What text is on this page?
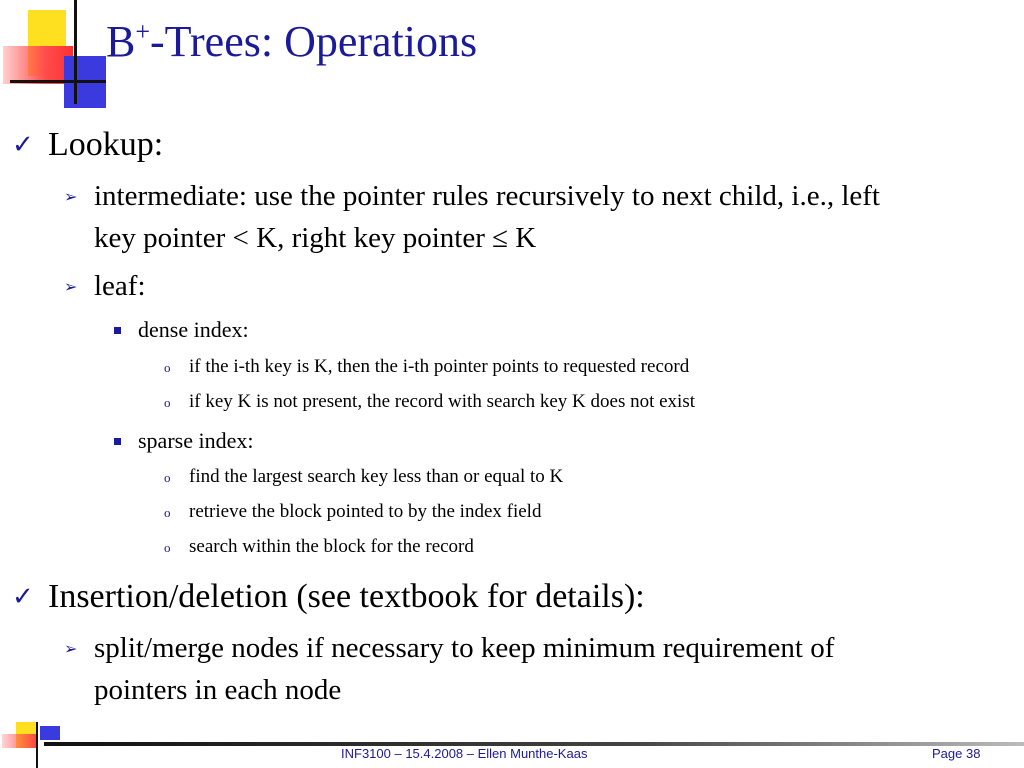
B+-Trees: Operations
✓ Lookup:
➢ intermediate: use the pointer rules recursively to next child, i.e., left
key pointer < K, right key pointer ≤ K
➢ leaf:
dense index:
o if the i-th key is K, then the i-th pointer points to requested record
o if key K is not present, the record with search key K does not exist
sparse index:
o find the largest search key less than or equal to K
o retrieve the block pointed to by the index field
o search within the block for the record
✓ Insertion/deletion (see textbook for details):
➢ split/merge nodes if necessary to keep minimum requirement of
pointers in each node
INF3100 – 15.4.2008 – Ellen Munthe-Kaas	Page 38
